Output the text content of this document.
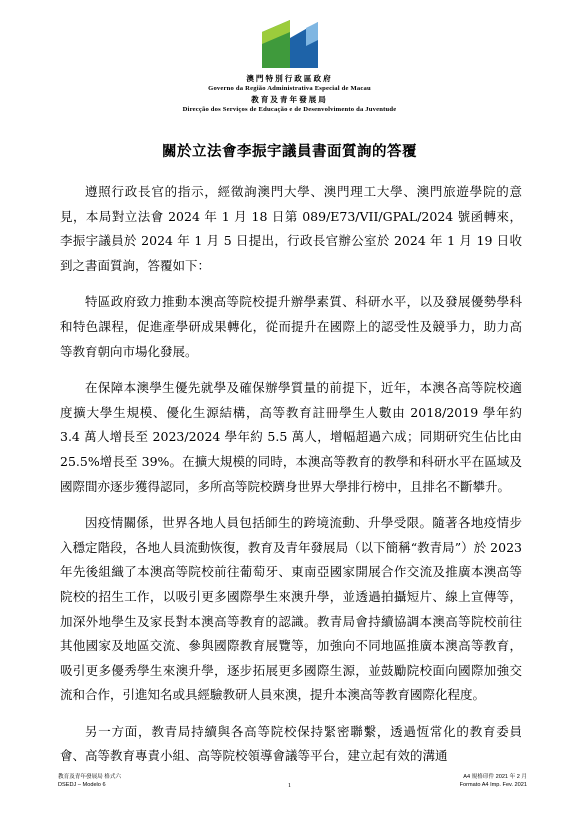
澳門特別行政區政府
Governo da Região Administrativa Especial de Macau
教育及青年發展局
Direcção dos Serviços de Educação e de Desenvolvimento da Juventude
關於立法會李振宇議員書面質詢的答覆

遵照行政長官的指示，經徵詢澳門大學、澳門理工大學、澳門旅遊學院的意見，本局對立法會 2024 年 1 月 18 日第 089/E73/VII/GPAL/2024 號函轉來，李振宇議員於 2024 年 1 月 5 日提出，行政長官辦公室於 2024 年 1 月 19 日收到之書面質詢，答覆如下：

特區政府致力推動本澳高等院校提升辦學素質、科研水平，以及發展優勢學科和特色課程，促進產學研成果轉化，從而提升在國際上的認受性及競爭力，助力高等教育朝向市場化發展。

在保障本澳學生優先就學及確保辦學質量的前提下，近年，本澳各高等院校適度擴大學生規模、優化生源結構，高等教育註冊學生人數由 2018/2019 學年約 3.4 萬人增長至 2023/2024 學年約 5.5 萬人，增幅超過六成；同期研究生佔比由 25.5%增長至 39%。在擴大規模的同時，本澳高等教育的教學和科研水平在區域及國際間亦逐步獲得認同，多所高等院校躋身世界大學排行榜中，且排名不斷攀升。

因疫情關係，世界各地人員包括師生的跨境流動、升學受限。隨著各地疫情步入穩定階段，各地人員流動恢復，教育及青年發展局（以下簡稱“教青局”）於 2023 年先後組織了本澳高等院校前往葡萄牙、東南亞國家開展合作交流及推廣本澳高等院校的招生工作，以吸引更多國際學生來澳升學，並透過拍攝短片、線上宣傳等，加深外地學生及家長對本澳高等教育的認識。教青局會持續協調本澳高等院校前往其他國家及地區交流、參與國際教育展覽等，加強向不同地區推廣本澳高等教育，吸引更多優秀學生來澳升學，逐步拓展更多國際生源，並鼓勵院校面向國際加強交流和合作，引進知名或具經驗教研人員來澳，提升本澳高等教育國際化程度。

另一方面，教青局持續與各高等院校保持緊密聯繫，透過恆常化的教育委員會、高等教育專責小組、高等院校領導會議等平台，建立起有效的溝通

教育及青年發展局 格式六
DSEDJ – Modelo 6	1
A4 規格印件 2021 年 2 月
Formato A4 Imp. Fev. 2021
